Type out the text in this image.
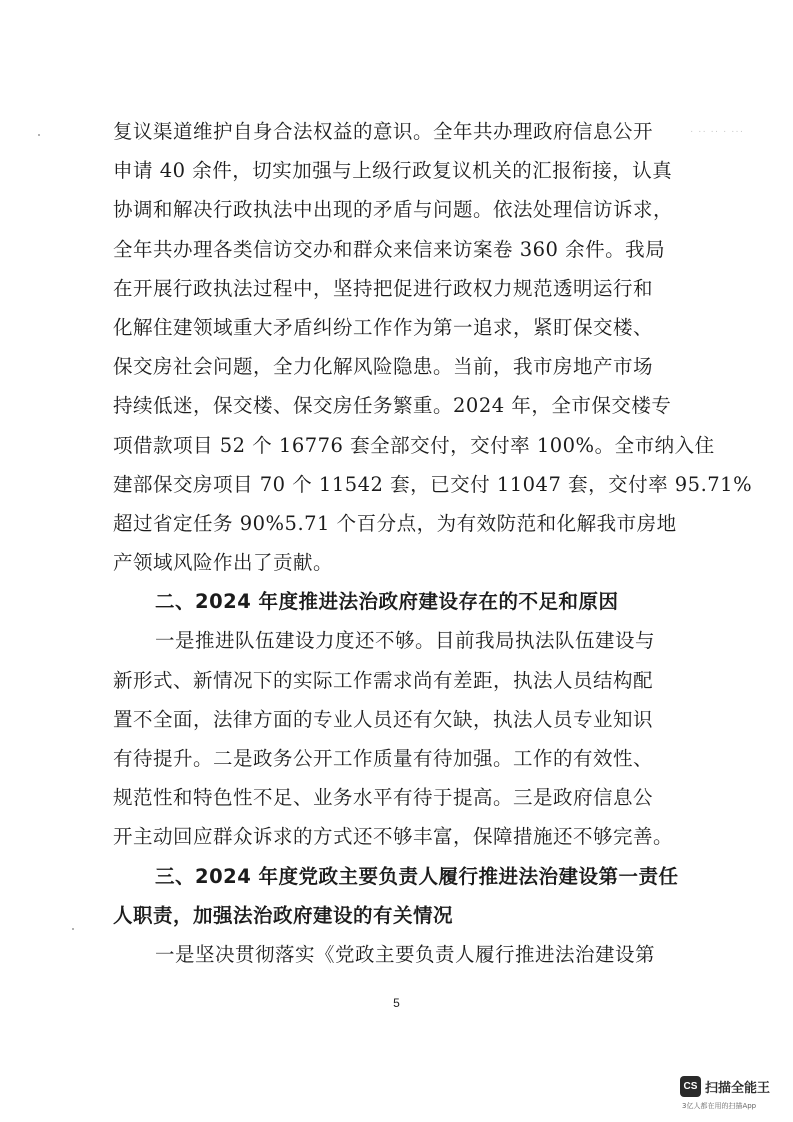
· ·· ·· · ···
复议渠道维护自身合法权益的意识。全年共办理政府信息公开
申请 40 余件，切实加强与上级行政复议机关的汇报衔接，认真
协调和解决行政执法中出现的矛盾与问题。依法处理信访诉求，
全年共办理各类信访交办和群众来信来访案卷 360 余件。我局
在开展行政执法过程中，坚持把促进行政权力规范透明运行和
化解住建领域重大矛盾纠纷工作作为第一追求，紧盯保交楼、
保交房社会问题，全力化解风险隐患。当前，我市房地产市场
持续低迷，保交楼、保交房任务繁重。2024 年，全市保交楼专
项借款项目 52 个 16776 套全部交付，交付率 100%。全市纳入住
建部保交房项目 70 个 11542 套，已交付 11047 套，交付率 95.71%
超过省定任务 90%5.71 个百分点，为有效防范和化解我市房地
产领域风险作出了贡献。
二、2024 年度推进法治政府建设存在的不足和原因
一是推进队伍建设力度还不够。目前我局执法队伍建设与
新形式、新情况下的实际工作需求尚有差距，执法人员结构配
置不全面，法律方面的专业人员还有欠缺，执法人员专业知识
有待提升。二是政务公开工作质量有待加强。工作的有效性、
规范性和特色性不足、业务水平有待于提高。三是政府信息公
开主动回应群众诉求的方式还不够丰富，保障措施还不够完善。
三、2024 年度党政主要负责人履行推进法治建设第一责任
人职责，加强法治政府建设的有关情况
一是坚决贯彻落实《党政主要负责人履行推进法治建设第
5
CS 扫描全能王
3亿人都在用的扫描App
